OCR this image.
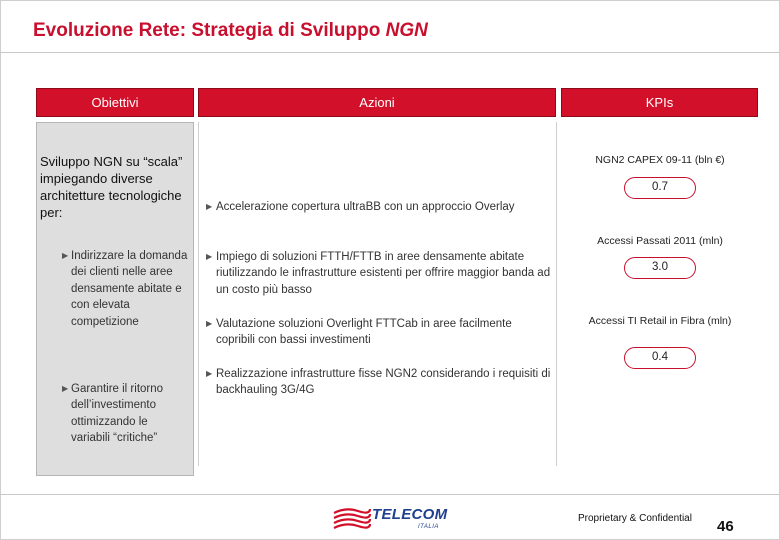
Evoluzione Rete: Strategia di Sviluppo NGN
Obiettivi	Azioni	KPIs
Sviluppo NGN su “scala” impiegando diverse architetture tecnologiche per:
▶ Indirizzare la domanda dei clienti nelle aree densamente abitate e con elevata competizione
▶ Garantire il ritorno dell’investimento ottimizzando le variabili “critiche”
▶ Accelerazione copertura ultraBB con un approccio Overlay
▶ Impiego di soluzioni FTTH/FTTB in aree densamente abitate riutilizzando le infrastrutture esistenti per offrire maggior banda ad un costo più basso
▶ Valutazione soluzioni Overlight FTTCab in aree facilmente copribili con bassi investimenti
▶ Realizzazione infrastrutture fisse NGN2 considerando i requisiti di backhauling 3G/4G
NGN2 CAPEX 09-11 (bln €)
0.7
Accessi Passati 2011 (mln)
3.0
Accessi TI Retail in Fibra (mln)
0.4
TELECOM
ITALIA
Proprietary & Confidential 46
